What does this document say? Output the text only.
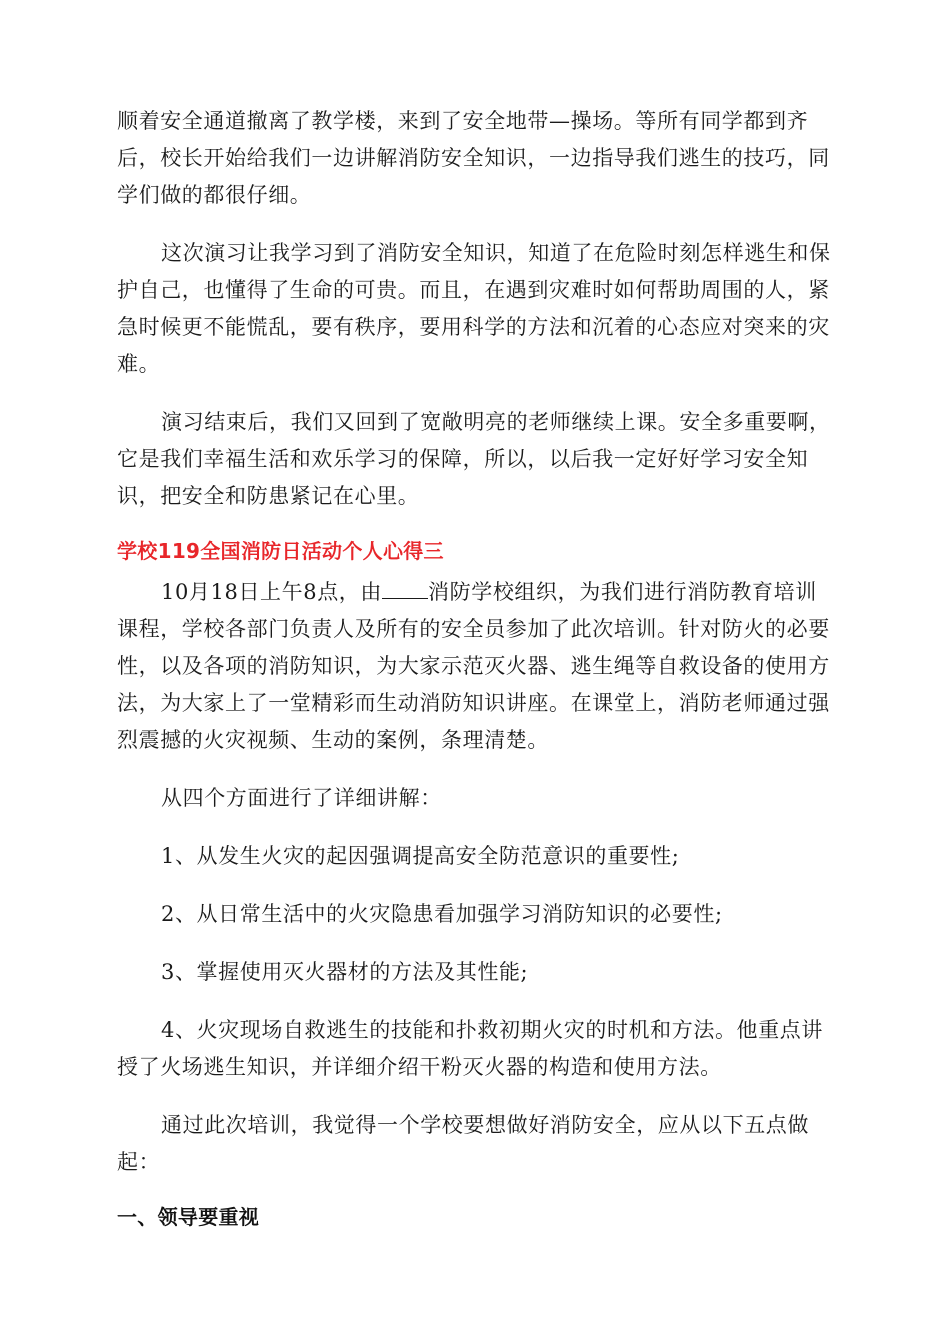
顺着安全通道撤离了教学楼，来到了安全地带—操场。等所有同学都到齐后，校长开始给我们一边讲解消防安全知识，一边指导我们逃生的技巧，同学们做的都很仔细。

这次演习让我学习到了消防安全知识，知道了在危险时刻怎样逃生和保护自己，也懂得了生命的可贵。而且，在遇到灾难时如何帮助周围的人，紧急时候更不能慌乱，要有秩序，要用科学的方法和沉着的心态应对突来的灾难。

演习结束后，我们又回到了宽敞明亮的老师继续上课。安全多重要啊，它是我们幸福生活和欢乐学习的保障，所以，以后我一定好好学习安全知识，把安全和防患紧记在心里。

学校119全国消防日活动个人心得三

10月18日上午8点，由 消防学校组织，为我们进行消防教育培训课程，学校各部门负责人及所有的安全员参加了此次培训。针对防火的必要性，以及各项的消防知识，为大家示范灭火器、逃生绳等自救设备的使用方法，为大家上了一堂精彩而生动消防知识讲座。在课堂上，消防老师通过强烈震撼的火灾视频、生动的案例，条理清楚。

从四个方面进行了详细讲解：

1、从发生火灾的起因强调提高安全防范意识的重要性;

2、从日常生活中的火灾隐患看加强学习消防知识的必要性;

3、掌握使用灭火器材的方法及其性能;

4、火灾现场自救逃生的技能和扑救初期火灾的时机和方法。他重点讲授了火场逃生知识，并详细介绍干粉灭火器的构造和使用方法。

通过此次培训，我觉得一个学校要想做好消防安全，应从以下五点做起：

一、领导要重视
